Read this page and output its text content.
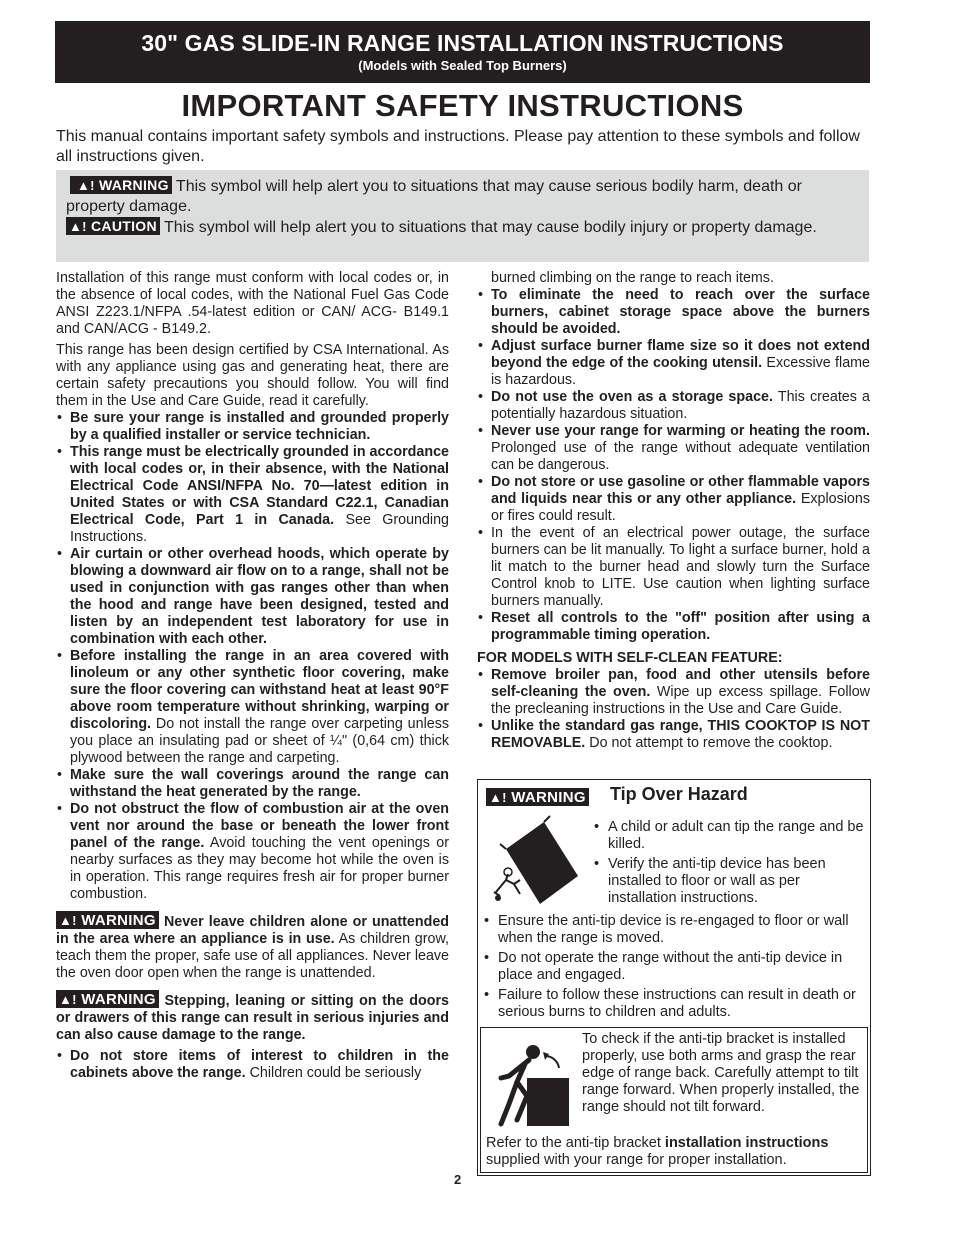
30" GAS SLIDE-IN RANGE INSTALLATION INSTRUCTIONS
(Models with Sealed Top Burners)
IMPORTANT SAFETY INSTRUCTIONS
This manual contains important safety symbols and instructions. Please pay attention to these symbols and follow all instructions given.
▲! WARNING This symbol will help alert you to situations that may cause serious bodily harm, death or property damage.
▲! CAUTION This symbol will help alert you to situations that may cause bodily injury or property damage.

Installation of this range must conform with local codes or, in the absence of local codes, with the National Fuel Gas Code ANSI Z223.1/NFPA .54-latest edition or CAN/ ACG- B149.1 and CAN/ACG - B149.2.

This range has been design certified by CSA International. As with any appliance using gas and generating heat, there are certain safety precautions you should follow. You will find them in the Use and Care Guide, read it carefully.

• Be sure your range is installed and grounded properly by a qualified installer or service technician.
• This range must be electrically grounded in accordance with local codes or, in their absence, with the National Electrical Code ANSI/NFPA No. 70—latest edition in United States or with CSA Standard C22.1, Canadian Electrical Code, Part 1 in Canada. See Grounding Instructions.
• Air curtain or other overhead hoods, which operate by blowing a downward air flow on to a range, shall not be used in conjunction with gas ranges other than when the hood and range have been designed, tested and listen by an independent test laboratory for use in combination with each other.
• Before installing the range in an area covered with linoleum or any other synthetic floor covering, make sure the floor covering can withstand heat at least 90°F above room temperature without shrinking, warping or discoloring. Do not install the range over carpeting unless you place an insulating pad or sheet of ¼" (0,64 cm) thick plywood between the range and carpeting.
• Make sure the wall coverings around the range can withstand the heat generated by the range.
• Do not obstruct the flow of combustion air at the oven vent nor around the base or beneath the lower front panel of the range. Avoid touching the vent openings or nearby surfaces as they may become hot while the oven is in operation. This range requires fresh air for proper burner combustion.

▲! WARNING Never leave children alone or unattended in the area where an appliance is in use. As children grow, teach them the proper, safe use of all appliances. Never leave the oven door open when the range is unattended.

▲! WARNING Stepping, leaning or sitting on the doors or drawers of this range can result in serious injuries and can also cause damage to the range.

• Do not store items of interest to children in the cabinets above the range. Children could be seriously
burned climbing on the range to reach items.
• To eliminate the need to reach over the surface burners, cabinet storage space above the burners should be avoided.
• Adjust surface burner flame size so it does not extend beyond the edge of the cooking utensil. Excessive flame is hazardous.
• Do not use the oven as a storage space. This creates a potentially hazardous situation.
• Never use your range for warming or heating the room. Prolonged use of the range without adequate ventilation can be dangerous.
• Do not store or use gasoline or other flammable vapors and liquids near this or any other appliance. Explosions or fires could result.
• In the event of an electrical power outage, the surface burners can be lit manually. To light a surface burner, hold a lit match to the burner head and slowly turn the Surface Control knob to LITE. Use caution when lighting surface burners manually.
• Reset all controls to the "off" position after using a programmable timing operation.
FOR MODELS WITH SELF-CLEAN FEATURE:
• Remove broiler pan, food and other utensils before self-cleaning the oven. Wipe up excess spillage. Follow the precleaning instructions in the Use and Care Guide.
• Unlike the standard gas range, THIS COOKTOP IS NOT REMOVABLE. Do not attempt to remove the cooktop.
▲! WARNING Tip Over Hazard
• A child or adult can tip the range and be killed.
• Verify the anti-tip device has been installed to floor or wall as per installation instructions.
• Ensure the anti-tip device is re-engaged to floor or wall when the range is moved.
• Do not operate the range without the anti-tip device in place and engaged.
• Failure to follow these instructions can result in death or serious burns to children and adults.
To check if the anti-tip bracket is installed properly, use both arms and grasp the rear edge of range back. Carefully attempt to tilt range forward. When properly installed, the range should not tilt forward.
Refer to the anti-tip bracket installation instructions supplied with your range for proper installation.
2
